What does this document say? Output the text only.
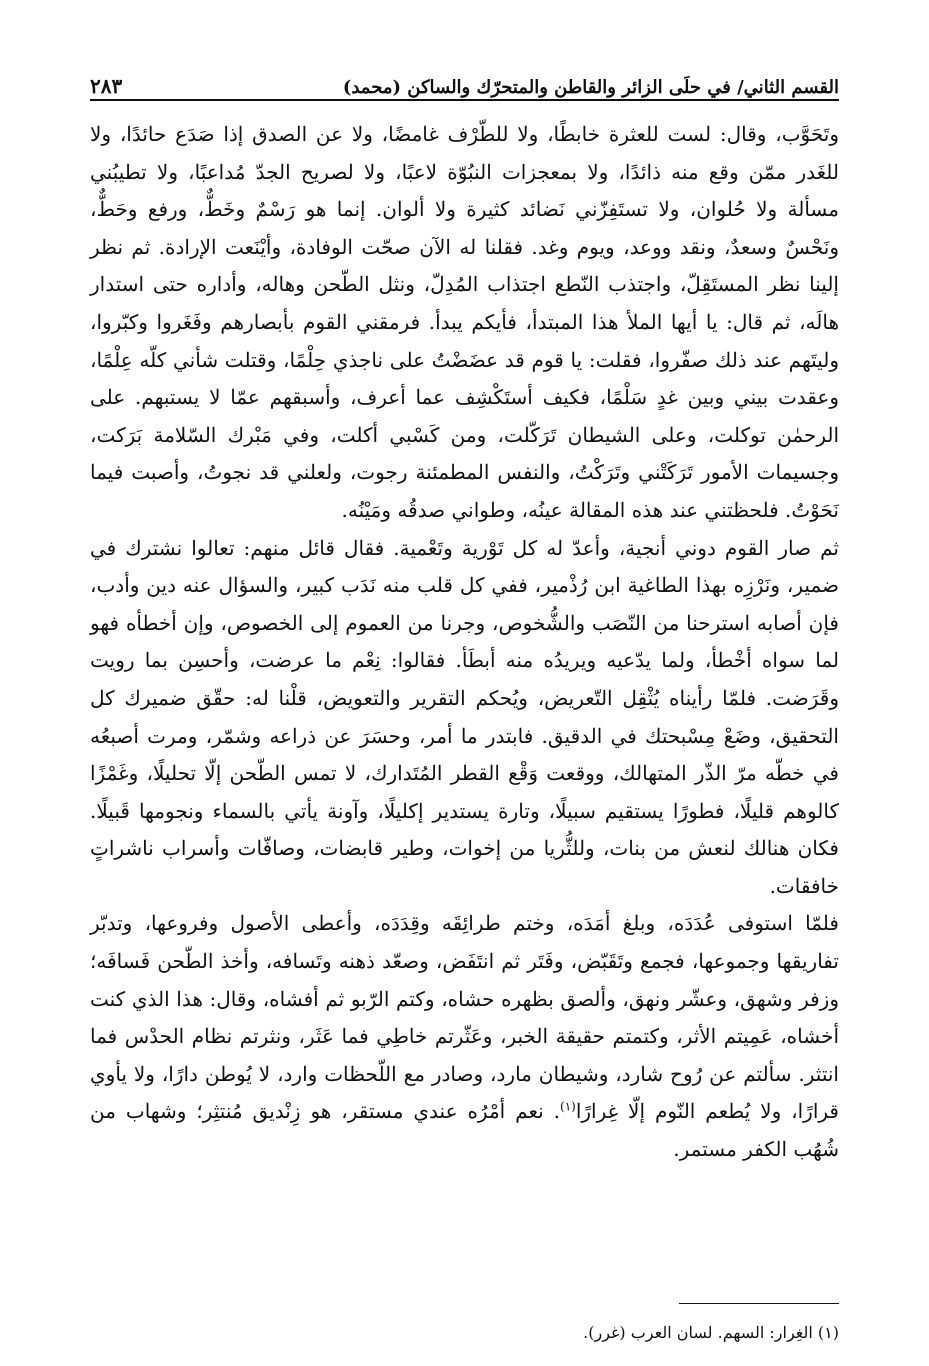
القسم الثاني/ في حلَى الزائر والقاطن والمتحرّك والساكن (محمد)
٢٨٣

وتَحَوَّب، وقال: لست للعثرة خابطًا، ولا للطّرْف غامضًا، ولا عن الصدق إذا صَدَع حائدًا، ولا للغَدر ممّن وقع منه ذائدًا، ولا بمعجزات النبُوّة لاعبًا، ولا لصريح الجدّ مُداعبًا، ولا تطيبُني مسألة ولا حُلوان، ولا تستَفِزّني نَضائد كثيرة ولا ألوان. إنما هو رَسْمٌ وخَطٌّ، ورفع وحَطٌّ، ونَحْسٌ وسعدٌ، ونقد ووعد، ويوم وغد. فقلنا له الآن صحّت الوفادة، وأيْنَعت الإرادة. ثم نظر إلينا نظر المستَقِلّ، واجتذب النّطع اجتذاب المُدِلّ، ونثل الطّحن وهاله، وأداره حتى استدار هالَه، ثم قال: يا أيها الملأ هذا المبتدأ، فأيكم يبدأ. فرمقني القوم بأبصارهم وفَغَروا وكبّروا، وليتَهم عند ذلك صفّروا، فقلت: يا قوم قد عضَضْتُ على ناجذي حِلْمًا، وقتلت شأني كلّه عِلْمًا، وعقدت بيني وبين غدٍ سَلْمًا، فكيف أستَكْشِف عما أعرف، وأسبقهم عمّا لا يستبهم. على الرحمٰن توكلت، وعلى الشيطان تَرَكّلت، ومن كَسْبي أكلت، وفي مَبْرك السّلامة بَرَكت، وجسيمات الأمور تَرَكَتْني وتَرَكْتُ، والنفس المطمئنة رجوت، ولعلني قد نجوتُ، وأصبت فيما نَحَوْتُ. فلحظتني عند هذه المقالة عينُه، وطواني صدقُه ومَيْنُه.

ثم صار القوم دوني أنجية، وأعدّ له كل تَوْرية وتَعْمية. فقال قائل منهم: تعالوا نشترك في ضمير، ونَرْزِه بهذا الطاغية ابن رُذْمير، ففي كل قلب منه نَدَب كبير، والسؤال عنه دين وأدب، فإن أصابه استرحنا من النّصَب والشُّخوص، وجرنا من العموم إلى الخصوص، وإن أخطأه فهو لما سواه أخْطأ، ولما يدّعيه ويريدُه منه أبطَأ. فقالوا: نِعْم ما عرضت، وأحسِن بما رويت وقَرَضت. فلمّا رأيناه يُثْقِل التّعريض، ويُحكم التقرير والتعويض، قلْنا له: حقّق ضميرك كل التحقيق، وضَعْ مِسْبحتك في الدقيق. فابتدر ما أمر، وحسَرَ عن ذراعه وشمّر، ومرت أصبعُه في خطّه مرّ الذّر المتهالك، ووقعت وَقْع القطر المُتَدارك، لا تمس الطّحن إلّا تحليلًا، وغَمْزًا كالوهم قليلًا، فطورًا يستقيم سبيلًا، وتارة يستدير إكليلًا، وآونة يأتي بالسماء ونجومها قَبيلًا. فكان هنالك لنعش من بنات، وللثُّريا من إخوات، وطير قابضات، وصافّات وأسراب ناشراتٍ خافقات.

فلمّا استوفى عُدَدَه، وبلغ أمَدَه، وختم طرائِقَه وقِدَدَه، وأعطى الأصول وفروعها، وتدبّر تفاريقها وجموعها، فجمع وتَقَبّض، وفَتَر ثم انتَفَض، وصعّد ذهنه وتَسافه، وأخذ الطّحن فَسافَه؛ وزفر وشهق، وعشّر ونهق، وألصق بظهره حشاه، وكتم الرّبو ثم أفشاه، وقال: هذا الذي كنت أخشاه، عَمِيتم الأثر، وكتمتم حقيقة الخبر، وعَثّرتم خاطِي فما عَثَر، ونثرتم نظام الحدْس فما انتثر. سألتم عن رُوح شارد، وشيطان مارد، وصادر مع اللّحظات وارد، لا يُوطن دارًا، ولا يأوي قرارًا، ولا يُطعم النّوم إلّا غِرارًا$^{(١)}$. نعم أمْرُه عندي مستقر، هو زِنْديق مُنتثِر؛ وشهاب من شُهُب الكفر مستمر.

(١) الغِرار: السهم. لسان العرب (غرر).
